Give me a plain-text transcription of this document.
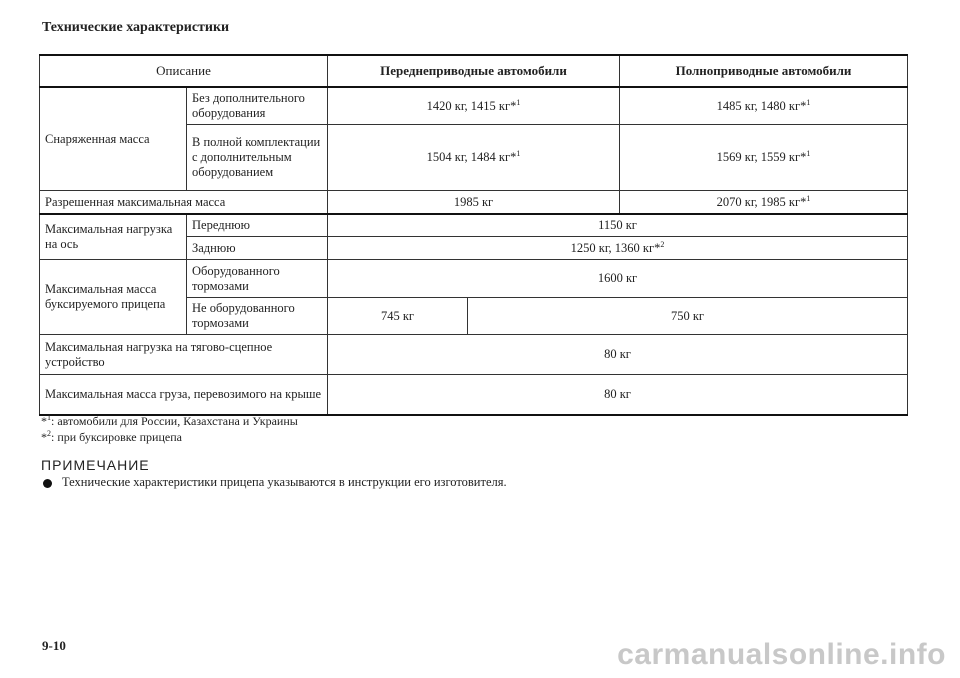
Технические характеристики
Описание		Переднеприводные автомобили		Полноприводные автомобили
Снаряженная масса	Без дополнительного оборудования	1420 кг, 1415 кг*$^1$		1485 кг, 1480 кг*$^1$
	В полной комплектации с дополнительным оборудованием	1504 кг, 1484 кг*$^1$		1569 кг, 1559 кг*$^1$
Разрешенная максимальная масса		1985 кг		2070 кг, 1985 кг*$^1$
Максимальная нагрузка на ось	Переднюю	1150 кг		
	Заднюю	1250 кг, 1360 кг*$^2$
Максимальная масса буксируемого прицепа	Оборудованного тормозами	1600 кг		
	Не оборудованного тормозами	745 кг	750 кг	
Максимальная нагрузка на тягово-сцепное устройство		80 кг		
Максимальная масса груза, перевозимого на крыше		80 кг		
*$^1$: автомобили для России, Казахстана и Украины
*$^2$: при буксировке прицепа
ПРИМЕЧАНИЕ
Технические характеристики прицепа указываются в инструкции его изготовителя.
9-10	carmanualsonline.info
